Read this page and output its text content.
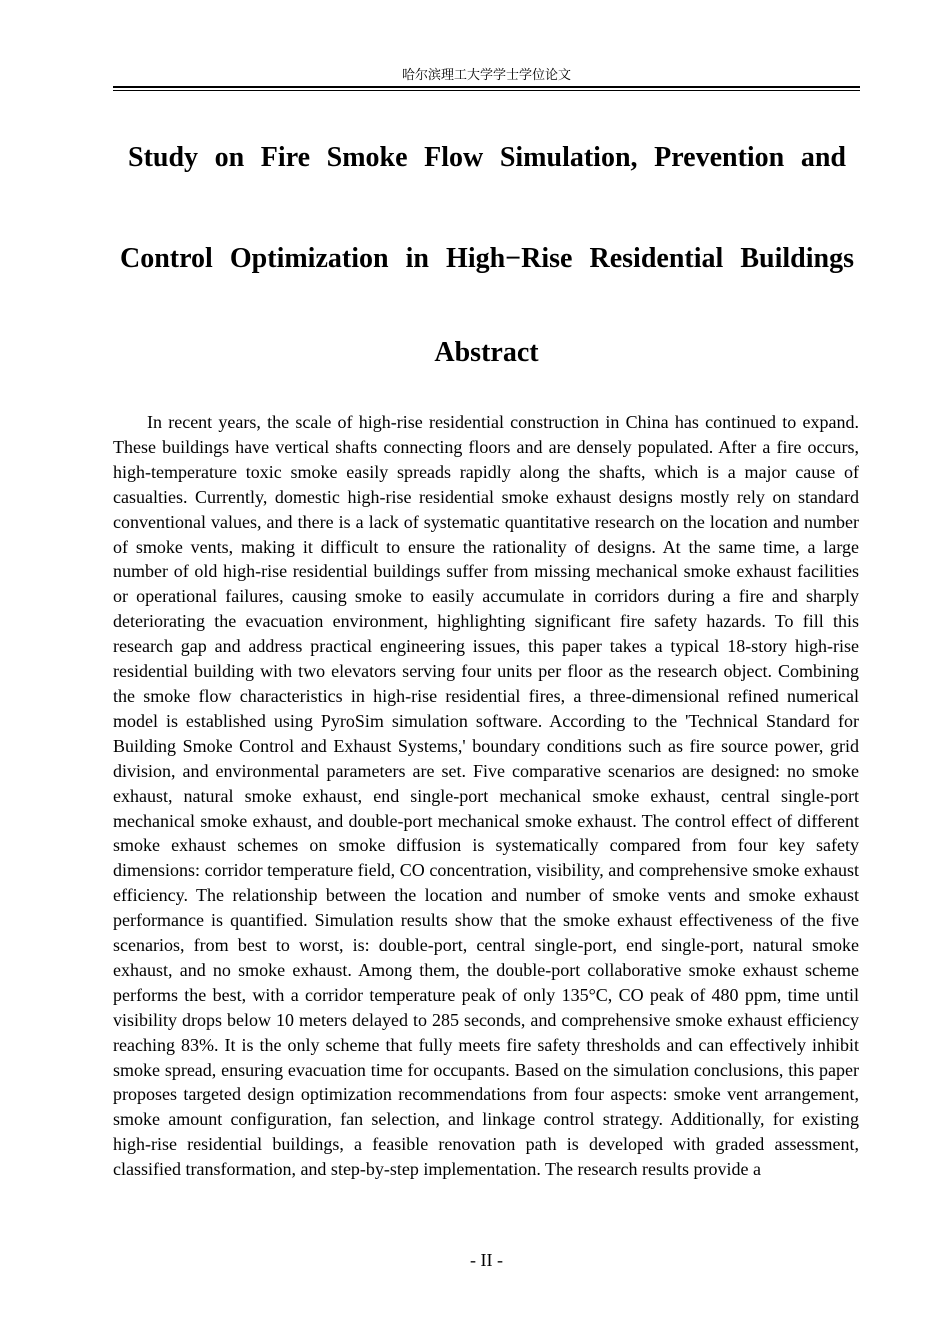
哈尔滨理工大学学士学位论文
Study on Fire Smoke Flow Simulation, Prevention and
Control Optimization in High−Rise Residential Buildings
Abstract

In recent years, the scale of high-rise residential construction in China has continued to expand. These buildings have vertical shafts connecting floors and are densely populated. After a fire occurs, high-temperature toxic smoke easily spreads rapidly along the shafts, which is a major cause of casualties. Currently, domestic high-rise residential smoke exhaust designs mostly rely on standard conventional values, and there is a lack of systematic quantitative research on the location and number of smoke vents, making it difficult to ensure the rationality of designs. At the same time, a large number of old high-rise residential buildings suffer from missing mechanical smoke exhaust facilities or operational failures, causing smoke to easily accumulate in corridors during a fire and sharply deteriorating the evacuation environment, highlighting significant fire safety hazards. To fill this research gap and address practical engineering issues, this paper takes a typical 18-story high-rise residential building with two elevators serving four units per floor as the research object. Combining the smoke flow characteristics in high-rise residential fires, a three-dimensional refined numerical model is established using PyroSim simulation software. According to the 'Technical Standard for Building Smoke Control and Exhaust Systems,' boundary conditions such as fire source power, grid division, and environmental parameters are set. Five comparative scenarios are designed: no smoke exhaust, natural smoke exhaust, end single-port mechanical smoke exhaust, central single-port mechanical smoke exhaust, and double-port mechanical smoke exhaust. The control effect of different smoke exhaust schemes on smoke diffusion is systematically compared from four key safety dimensions: corridor temperature field, CO concentration, visibility, and comprehensive smoke exhaust efficiency. The relationship between the location and number of smoke vents and smoke exhaust performance is quantified. Simulation results show that the smoke exhaust effectiveness of the five scenarios, from best to worst, is: double-port, central single-port, end single-port, natural smoke exhaust, and no smoke exhaust. Among them, the double-port collaborative smoke exhaust scheme performs the best, with a corridor temperature peak of only 135°C, CO peak of 480 ppm, time until visibility drops below 10 meters delayed to 285 seconds, and comprehensive smoke exhaust efficiency reaching 83%. It is the only scheme that fully meets fire safety thresholds and can effectively inhibit smoke spread, ensuring evacuation time for occupants. Based on the simulation conclusions, this paper proposes targeted design optimization recommendations from four aspects: smoke vent arrangement, smoke amount configuration, fan selection, and linkage control strategy. Additionally, for existing high-rise residential buildings, a feasible renovation path is developed with graded assessment, classified transformation, and step-by-step implementation. The research results provide a

- II -
